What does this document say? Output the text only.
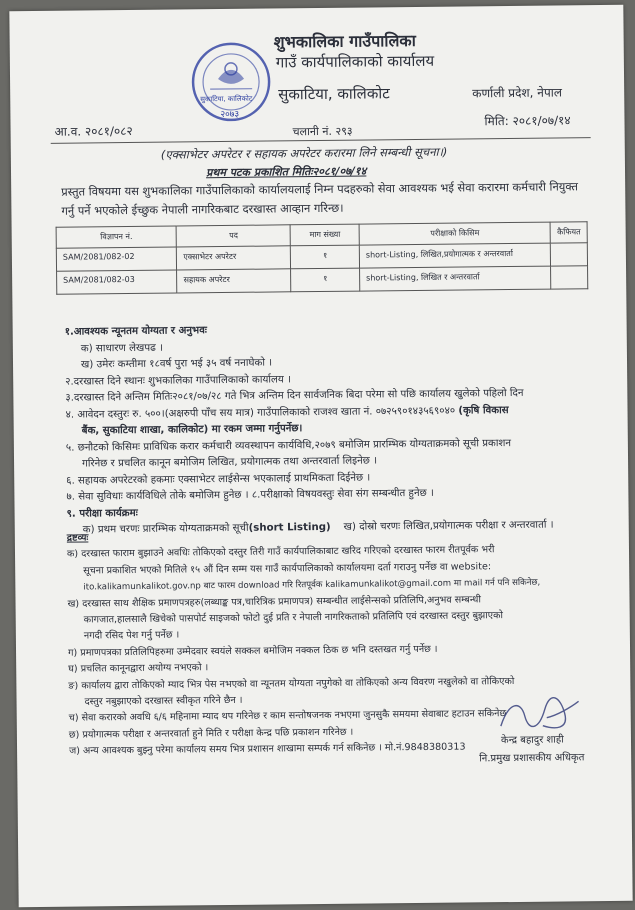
२०७३
सुकाटिया, कालिकोट
शुभकालिका गाउँपालिका
गाउँ कार्यपालिकाको कार्यालय
सुकाटिया, कालिकोट	कर्णाली प्रदेश, नेपाल
आ.व. २०८१/०८२	चलानी नं. २९३
मिति: २०८१/०७/१४
(एक्साभेटर अपरेटर र सहायक अपरेटर करारमा लिने सम्बन्धी सूचना।)
प्रथम पटक प्रकाशित मितिः२०८१/०७/१४
प्रस्तुत विषयमा यस शुभकालिका गाउँपालिकाको कार्यालयलाई निम्न पदहरुको सेवा आवश्यक भई सेवा करारमा कर्मचारी नियुक्त गर्नु पर्ने भएकोले ईच्छुक नेपाली नागरिकबाट दरखास्त आव्हान गरिन्छ।
विज्ञापन नं.	पद	माग संख्या	परीक्षाको किसिम	कैफियत
SAM/2081/082-02	एक्साभेटर अपरेटर	१	short-Listing, लिखित,प्रयोगात्मक र अन्तरवार्ता	
SAM/2081/082-03	सहायक अपरेटर	१	short-Listing, लिखित र अन्तरवार्ता	
१.आवश्यक न्यूनतम योग्यता र अनुभवः
क) साधारण लेखपढ ।
ख) उमेरः कम्तीमा १८वर्ष पुरा भई ३५ वर्ष ननाघेको ।
२.दरखास्त दिने स्थानः शुभकालिका गाउँपालिकाको कार्यालय ।
३.दरखास्त दिने अन्तिम मितिः२०८१/०७/२८ गते भित्र अन्तिम दिन सार्वजनिक बिदा परेमा सो पछि कार्यालय खुलेको पहिलो दिन
४. आवेदन दस्तुरः रु. ५००।(अक्षरुपी पाँच सय मात्र) गाउँपालिकाको राजश्व खाता नं. ०७२५९०१४३५६९०४० (कृषि विकास
बैंक, सुकाटिया शाखा, कालिकोट) मा रकम जम्मा गर्नुपर्नेछ।
५. छनौटको किसिमः प्राविधिक करार कर्मचारी व्यवस्थापन कार्यविधि,२०७९ बमोजिम प्रारम्भिक योग्यताक्रमको सूची प्रकाशन
गरिनेछ र प्रचलित कानून बमोजिम लिखित, प्रयोगात्मक तथा अन्तरवार्ता लिइनेछ ।
६. सहायक अपरेटरको हकमाः एक्साभेटर लाईसेन्स भएकालाई प्राथमिकता दिईनेछ ।
७. सेवा सुविधाः कार्यविधिले तोके बमोजिम हुनेछ । ८.परीक्षाको विषयवस्तुः सेवा संग सम्बन्धीत हुनेछ ।
९. परीक्षा कार्यक्रमः
क) प्रथम चरणः प्रारम्भिक योग्यताक्रमको सूची(short Listing) ख) दोस्रो चरणः लिखित,प्रयोगात्मक परीक्षा र अन्तरवार्ता ।
द्रष्टव्यः
क) दरखास्त फाराम बुझाउने अवधिः तोकिएको दस्तुर तिरी गाउँ कार्यपालिकाबाट खरिद गरिएको दरखास्त फारम रीतपूर्वक भरी
सूचना प्रकाशित भएको मितिले १५ औं दिन सम्म यस गाउँ कार्यपालिकाको कार्यालयमा दर्ता गराउनु पर्नेछ वा website:
ito.kalikamunkalikot.gov.np बाट फारम download गरि रितपूर्वक kalikamunkalikot@gmail.com मा mail गर्न पनि सकिनेछ,
ख) दरखास्त साथ शैक्षिक प्रमाणपत्रहरु(लब्धाङ्क पत्र,चारित्रिक प्रमाणपत्र) सम्बन्धीत लाईसेन्सको प्रतिलिपि,अनुभव सम्बन्धी
कागजात,हालसालै खिचेको पासपोर्ट साइजको फोटो दुई प्रति र नेपाली नागरिकताको प्रतिलिपि एवं दरखास्त दस्तुर बुझाएको
नगदी रसिद पेश गर्नु पर्नेछ ।
ग) प्रमाणपत्रका प्रतिलिपिहरुमा उम्मेदवार स्वयंले सक्कल बमोजिम नक्कल ठिक छ भनि दस्तखत गर्नु पर्नेछ ।
घ) प्रचलित कानूनद्वारा अयोग्य नभएको ।
ङ) कार्यालय द्वारा तोकिएको म्याद भित्र पेस नभएको वा न्यूनतम योग्यता नपुगेको वा तोकिएको अन्य विवरण नखुलेको वा तोकिएको
दस्तुर नबुझाएको दरखास्त स्वीकृत गरिने छैन ।
च) सेवा करारको अवधि ६/६ महिनामा म्याद थप गरिनेछ र काम सन्तोषजनक नभएमा जुनसुकै समयमा सेवाबाट हटाउन सकिनेछ
छ) प्रयोगात्मक परीक्षा र अन्तरवार्ता हुने मिति र परीक्षा केन्द्र पछि प्रकाशन गरिनेछ ।
ज) अन्य आवश्यक बुझ्नु परेमा कार्यालय समय भित्र प्रशासन शाखामा सम्पर्क गर्न सकिनेछ । मो.नं.9848380313
केन्द्र बहादुर शाही
नि.प्रमुख प्रशासकीय अधिकृत
